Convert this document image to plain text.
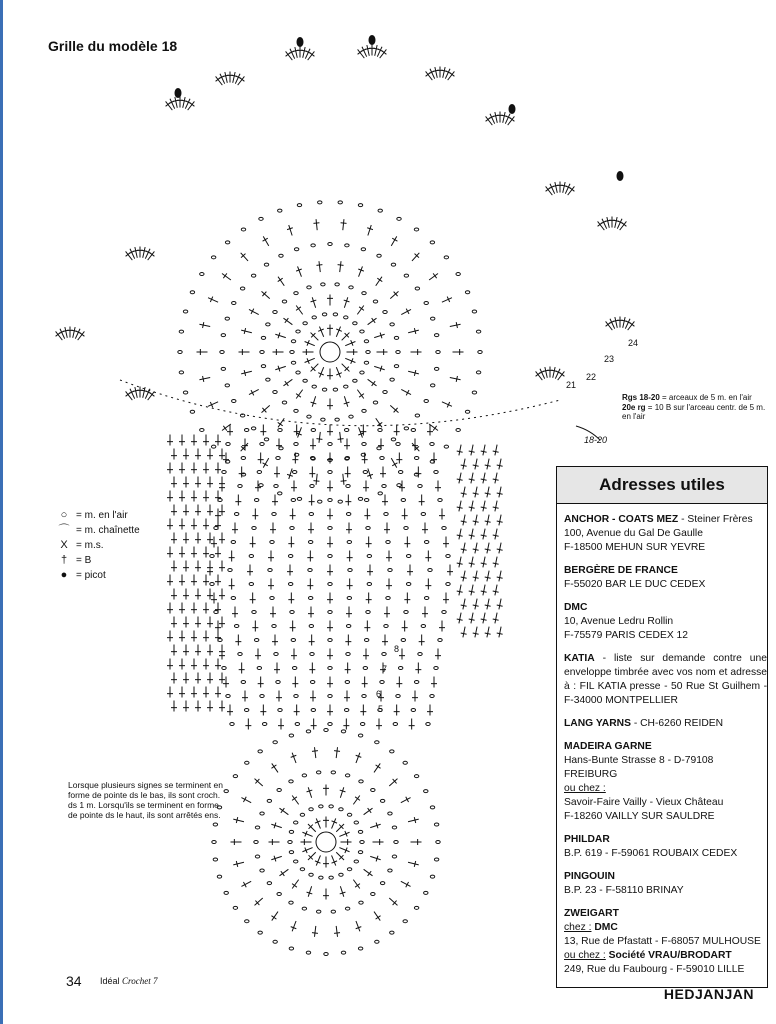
Grille du modèle 18
18-20
21
22
23
24
5
6
7
8
○ = m. en l'air
⌒ = m. chaînette
X = m.s.
† = B
● = picot
Lorsque plusieurs signes se terminent en forme de pointe ds le bas, ils sont croch. ds 1 m. Lorsqu'ils se terminent en forme de pointe ds le haut, ils sont arrêtés ens.
Rgs 18-20 = arceaux de 5 m. en l'air
20e rg = 10 B sur l'arceau centr. de 5 m. en l'air
Adresses utiles
ANCHOR - COATS MEZ - Steiner Frères
100, Avenue du Gal De Gaulle
F-18500 MEHUN SUR YEVRE
BERGÈRE DE FRANCE
F-55020 BAR LE DUC CEDEX
DMC
10, Avenue Ledru Rollin
F-75579 PARIS CEDEX 12
KATIA - liste sur demande contre une enveloppe timbrée avec vos nom et adresse à : FIL KATIA presse - 50 Rue St Guilhem - F-34000 MONTPELLIER
LANG YARNS - CH-6260 REIDEN
MADEIRA GARNE
Hans-Bunte Strasse 8 - D-79108 FREIBURG
ou chez :
Savoir-Faire Vailly - Vieux Château
F-18260 VAILLY SUR SAULDRE
PHILDAR
B.P. 619 - F-59061 ROUBAIX CEDEX
PINGOUIN
B.P. 23 - F-58110 BRINAY
ZWEIGART
chez : DMC
13, Rue de Pfastatt - F-68057 MULHOUSE
ou chez : Société VRAU/BRODART
249, Rue du Faubourg - F-59010 LILLE
34 Idéal Crochet 7
HEDJANJAN
